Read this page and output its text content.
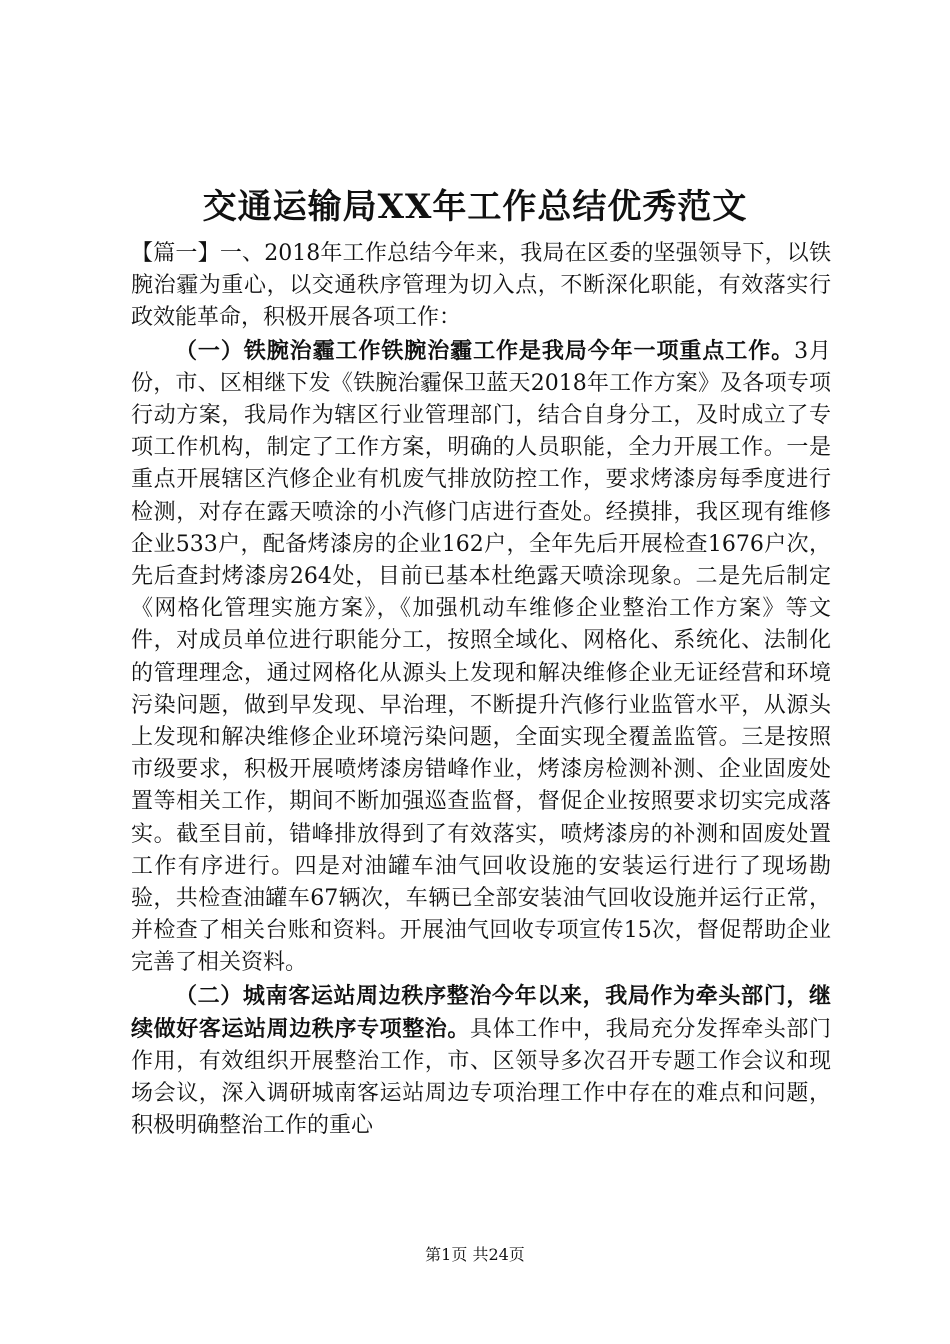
交通运输局XX年工作总结优秀范文

【篇一】一、2018年工作总结今年来，我局在区委的坚强领导下，以铁腕治霾为重心，以交通秩序管理为切入点，不断深化职能，有效落实行政效能革命，积极开展各项工作：

（一）铁腕治霾工作铁腕治霾工作是我局今年一项重点工作。3月份，市、区相继下发《铁腕治霾保卫蓝天2018年工作方案》及各项专项行动方案，我局作为辖区行业管理部门，结合自身分工，及时成立了专项工作机构，制定了工作方案，明确的人员职能，全力开展工作。一是重点开展辖区汽修企业有机废气排放防控工作，要求烤漆房每季度进行检测，对存在露天喷涂的小汽修门店进行查处。经摸排，我区现有维修企业533户，配备烤漆房的企业162户，全年先后开展检查1676户次，先后查封烤漆房264处，目前已基本杜绝露天喷涂现象。二是先后制定《网格化管理实施方案》，《加强机动车维修企业整治工作方案》等文件，对成员单位进行职能分工，按照全域化、网格化、系统化、法制化的管理理念，通过网格化从源头上发现和解决维修企业无证经营和环境污染问题，做到早发现、早治理，不断提升汽修行业监管水平，从源头上发现和解决维修企业环境污染问题，全面实现全覆盖监管。三是按照市级要求，积极开展喷烤漆房错峰作业，烤漆房检测补测、企业固废处置等相关工作，期间不断加强巡查监督，督促企业按照要求切实完成落实。截至目前，错峰排放得到了有效落实，喷烤漆房的补测和固废处置工作有序进行。四是对油罐车油气回收设施的安装运行进行了现场勘验，共检查油罐车67辆次，车辆已全部安装油气回收设施并运行正常，并检查了相关台账和资料。开展油气回收专项宣传15次，督促帮助企业完善了相关资料。

（二）城南客运站周边秩序整治今年以来，我局作为牵头部门，继续做好客运站周边秩序专项整治。具体工作中，我局充分发挥牵头部门作用，有效组织开展整治工作，市、区领导多次召开专题工作会议和现场会议，深入调研城南客运站周边专项治理工作中存在的难点和问题，积极明确整治工作的重心

第1页 共24页
